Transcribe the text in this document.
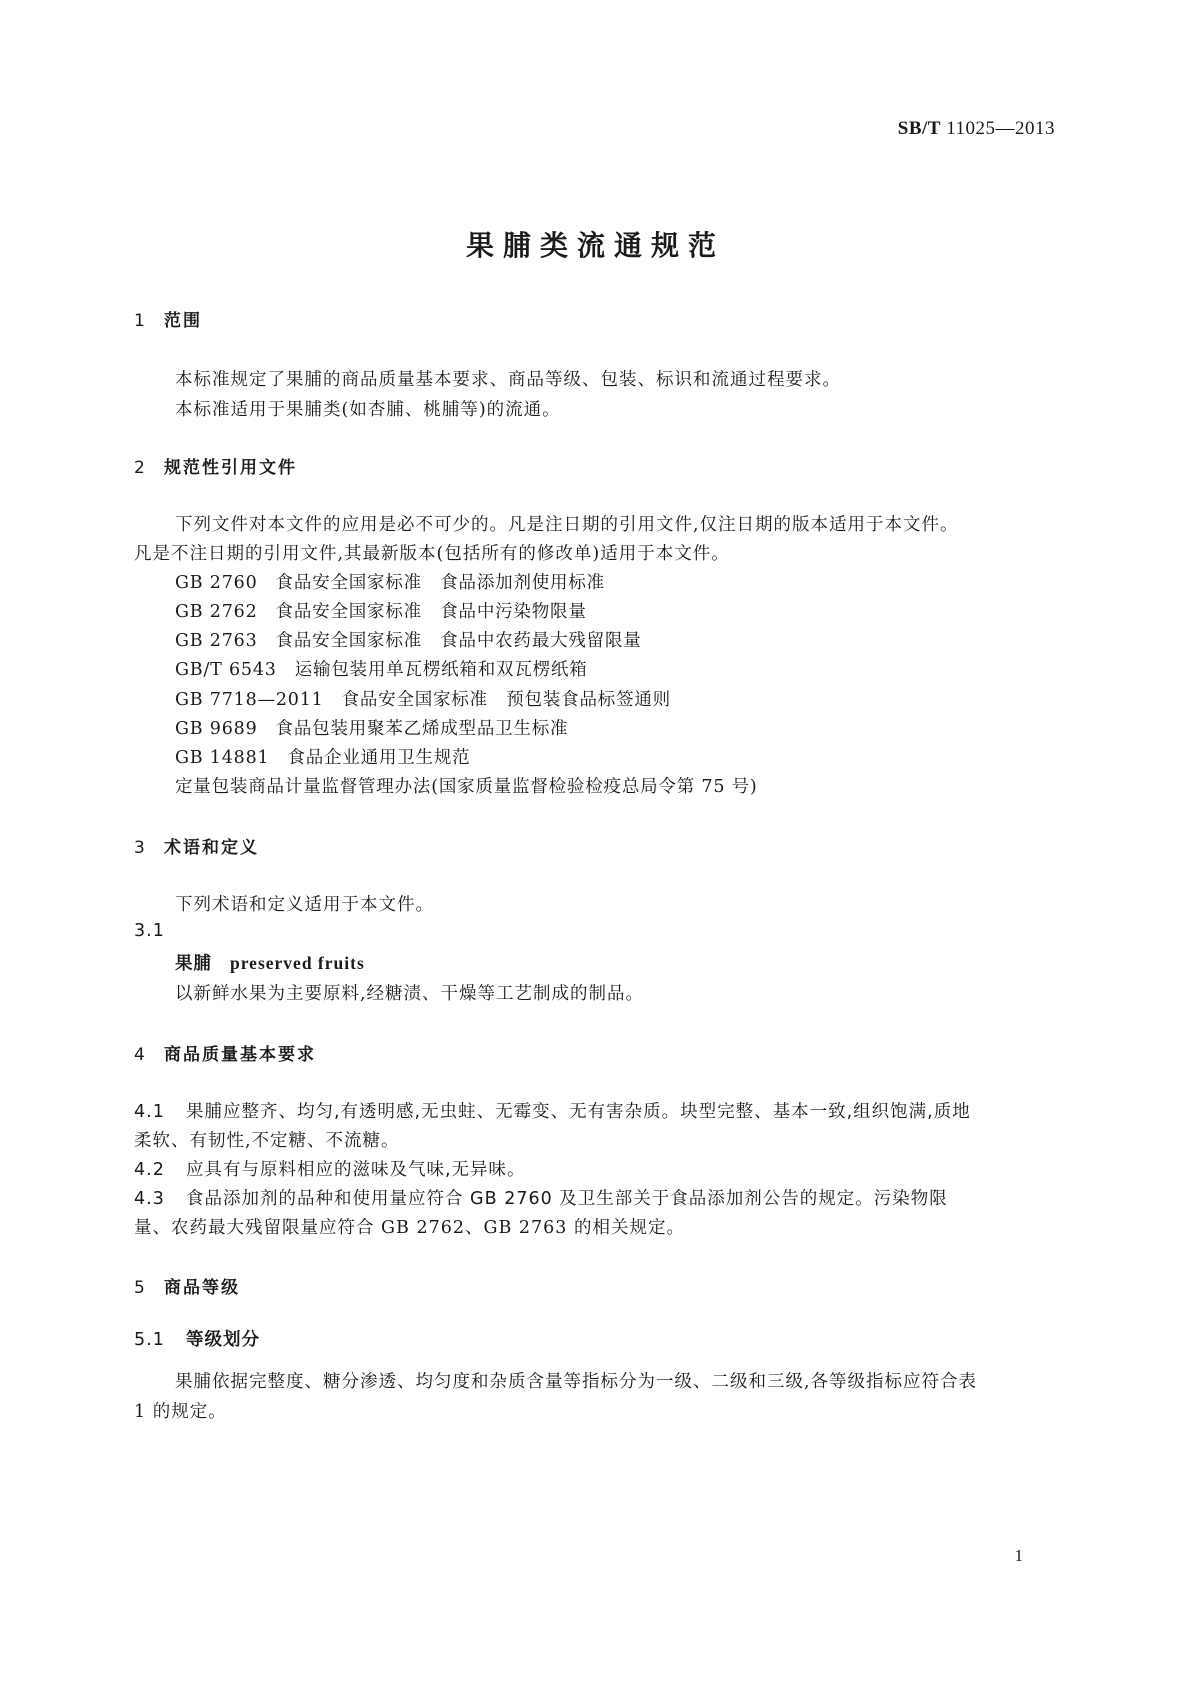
SB/T 11025—2013
果脯类流通规范
1 范围
本标准规定了果脯的商品质量基本要求、商品等级、包装、标识和流通过程要求。
本标准适用于果脯类(如杏脯、桃脯等)的流通。
2 规范性引用文件
下列文件对本文件的应用是必不可少的。凡是注日期的引用文件,仅注日期的版本适用于本文件。
凡是不注日期的引用文件,其最新版本(包括所有的修改单)适用于本文件。
GB 2760 食品安全国家标准　食品添加剂使用标准
GB 2762 食品安全国家标准　食品中污染物限量
GB 2763 食品安全国家标准　食品中农药最大残留限量
GB/T 6543 运输包装用单瓦楞纸箱和双瓦楞纸箱
GB 7718—2011 食品安全国家标准　预包装食品标签通则
GB 9689 食品包装用聚苯乙烯成型品卫生标准
GB 14881 食品企业通用卫生规范
定量包装商品计量监督管理办法(国家质量监督检验检疫总局令第 75 号)
3 术语和定义
下列术语和定义适用于本文件。
3.1
果脯 preserved fruits
以新鲜水果为主要原料,经糖渍、干燥等工艺制成的制品。
4 商品质量基本要求
4.1 果脯应整齐、均匀,有透明感,无虫蛀、无霉变、无有害杂质。块型完整、基本一致,组织饱满,质地
柔软、有韧性,不定糖、不流糖。
4.2 应具有与原料相应的滋味及气味,无异味。
4.3 食品添加剂的品种和使用量应符合 GB 2760 及卫生部关于食品添加剂公告的规定。污染物限
量、农药最大残留限量应符合 GB 2762、GB 2763 的相关规定。
5 商品等级
5.1 等级划分
果脯依据完整度、糖分渗透、均匀度和杂质含量等指标分为一级、二级和三级,各等级指标应符合表
1 的规定。
1
